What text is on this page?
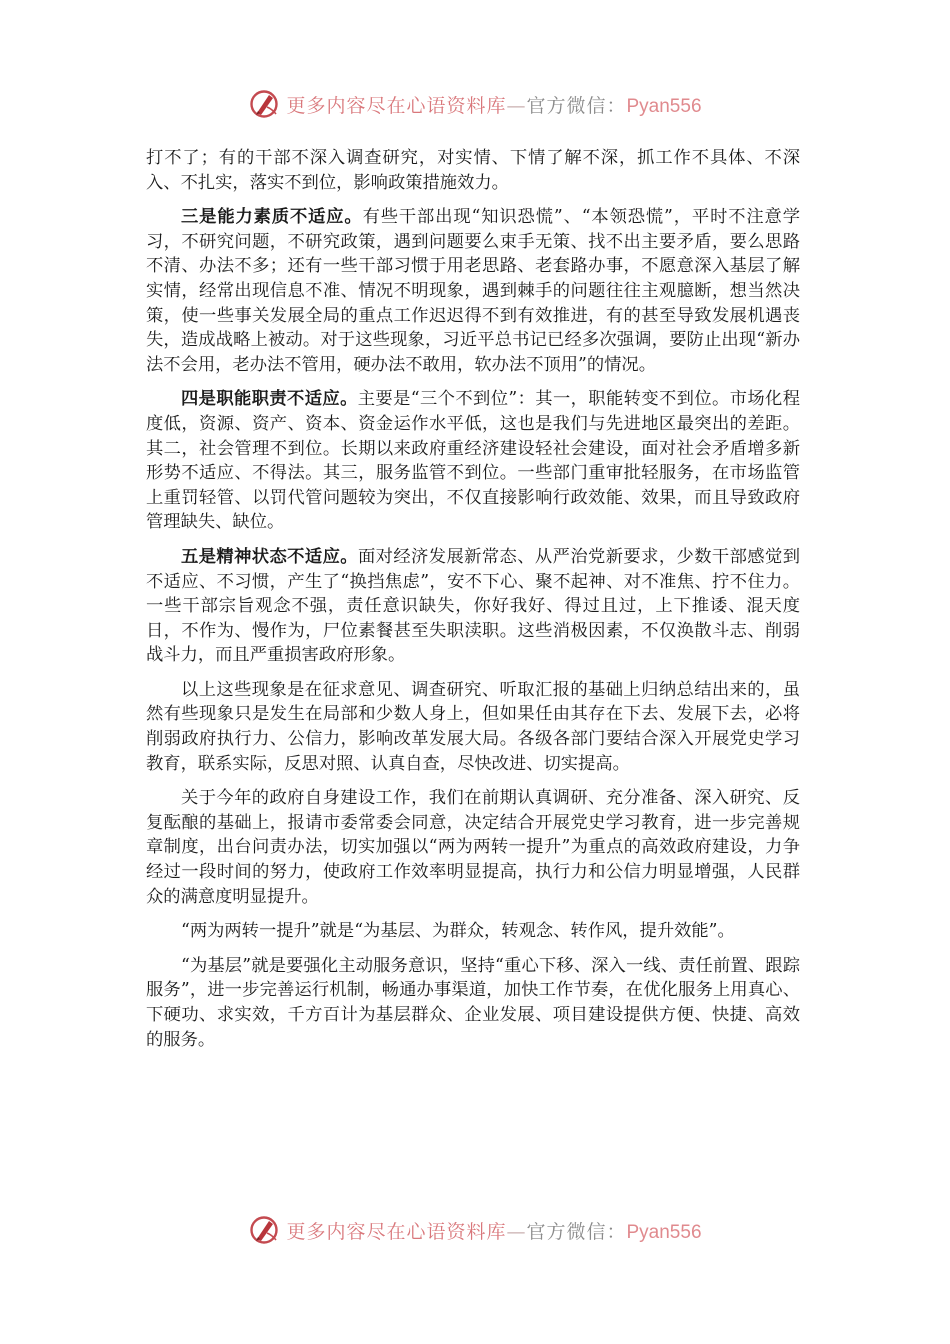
更多内容尽在心语资料库—官方微信：Pyan556

打不了；有的干部不深入调查研究，对实情、下情了解不深，抓工作不具体、不深入、不扎实，落实不到位，影响政策措施效力。

三是能力素质不适应。有些干部出现“知识恐慌”、“本领恐慌”，平时不注意学习，不研究问题，不研究政策，遇到问题要么束手无策、找不出主要矛盾，要么思路不清、办法不多；还有一些干部习惯于用老思路、老套路办事，不愿意深入基层了解实情，经常出现信息不准、情况不明现象，遇到棘手的问题往往主观臆断，想当然决策，使一些事关发展全局的重点工作迟迟得不到有效推进，有的甚至导致发展机遇丧失，造成战略上被动。对于这些现象，习近平总书记已经多次强调，要防止出现“新办法不会用，老办法不管用，硬办法不敢用，软办法不顶用”的情况。

四是职能职责不适应。主要是“三个不到位”：其一，职能转变不到位。市场化程度低，资源、资产、资本、资金运作水平低，这也是我们与先进地区最突出的差距。其二，社会管理不到位。长期以来政府重经济建设轻社会建设，面对社会矛盾增多新形势不适应、不得法。其三，服务监管不到位。一些部门重审批轻服务，在市场监管上重罚轻管、以罚代管问题较为突出，不仅直接影响行政效能、效果，而且导致政府管理缺失、缺位。

五是精神状态不适应。面对经济发展新常态、从严治党新要求，少数干部感觉到不适应、不习惯，产生了“换挡焦虑”，安不下心、聚不起神、对不准焦、拧不住力。一些干部宗旨观念不强，责任意识缺失，你好我好、得过且过，上下推诿、混天度日，不作为、慢作为，尸位素餐甚至失职渎职。这些消极因素，不仅涣散斗志、削弱战斗力，而且严重损害政府形象。

以上这些现象是在征求意见、调查研究、听取汇报的基础上归纳总结出来的，虽然有些现象只是发生在局部和少数人身上，但如果任由其存在下去、发展下去，必将削弱政府执行力、公信力，影响改革发展大局。各级各部门要结合深入开展党史学习教育，联系实际，反思对照、认真自查，尽快改进、切实提高。

关于今年的政府自身建设工作，我们在前期认真调研、充分准备、深入研究、反复酝酿的基础上，报请市委常委会同意，决定结合开展党史学习教育，进一步完善规章制度，出台问责办法，切实加强以“两为两转一提升”为重点的高效政府建设，力争经过一段时间的努力，使政府工作效率明显提高，执行力和公信力明显增强，人民群众的满意度明显提升。

“两为两转一提升”就是“为基层、为群众，转观念、转作风，提升效能”。

“为基层”就是要强化主动服务意识，坚持“重心下移、深入一线、责任前置、跟踪服务”，进一步完善运行机制，畅通办事渠道，加快工作节奏，在优化服务上用真心、下硬功、求实效，千方百计为基层群众、企业发展、项目建设提供方便、快捷、高效的服务。

更多内容尽在心语资料库—官方微信：Pyan556
